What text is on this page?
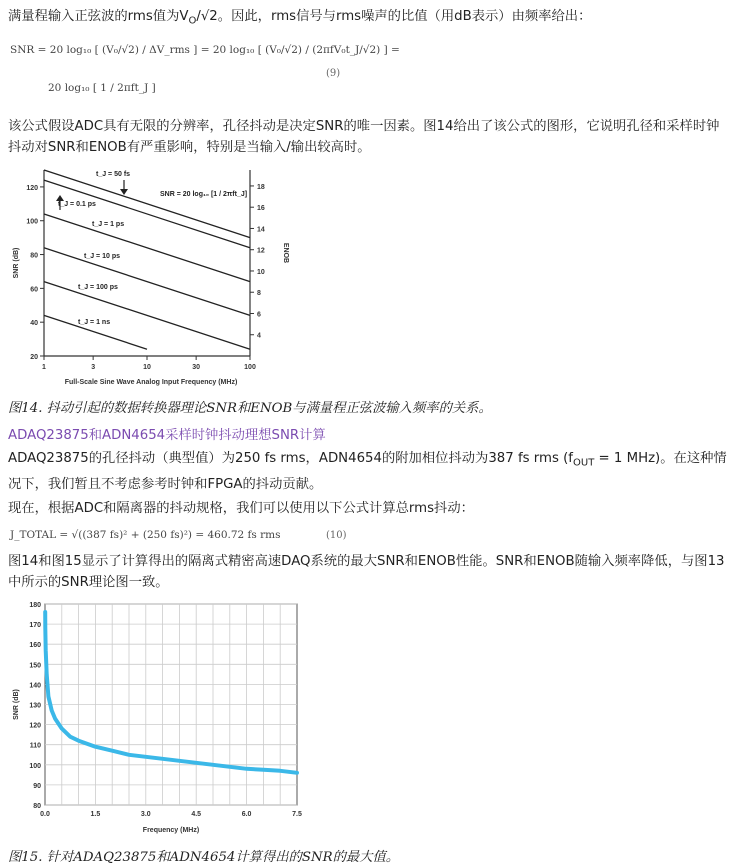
满量程输入正弦波的rms值为$V_O/√2$。因此，rms信号与rms噪声的比值（用dB表示）由频率给出：

SNR = 20 log₁₀ [ (V₀/√2) / ΔV_rms ] = 20 log₁₀ [ (V₀/√2) / (2πfV₀t_J/√2) ] =
20 log₁₀ [ 1 / 2πft_J ]
(9)

该公式假设ADC具有无限的分辨率，孔径抖动是决定SNR的唯一因素。图14给出了该公式的图形，它说明孔径和采样时钟抖动对SNR和ENOB有严重影响，特别是当输入/输出较高时。

20
40
60
80
100
120
4
6
8
10
12
14
16
18
1	3	10	30	100
Full-Scale Sine Wave Analog Input Frequency (MHz)
SNR (dB)	ENOB
t_J = 50 fs
t_J = 0.1 ps
t_J = 1 ps
t_J = 10 ps
t_J = 100 ps
t_J = 1 ns
SNR = 20 log₁₀ [1 / 2πft_J]
图14. 抖动引起的数据转换器理论SNR和ENOB与满量程正弦波输入频率的关系。
ADAQ23875和ADN4654采样时钟抖动理想SNR计算

ADAQ23875的孔径抖动（典型值）为250 fs rms，ADN4654的附加相位抖动为387 fs rms ($f_{OUT} = 1$ MHz)。在这种情况下，我们暂且不考虑参考时钟和FPGA的抖动贡献。

现在，根据ADC和隔离器的抖动规格，我们可以使用以下公式计算总rms抖动：

J_TOTAL = √((387 fs)² + (250 fs)²) = 460.72 fs rms	(10)

图14和图15显示了计算得出的隔离式精密高速DAQ系统的最大SNR和ENOB性能。SNR和ENOB随输入频率降低，与图13中所示的SNR理论图一致。

80
90
100
110
120
130
140
150
160
170
180
0.0	1.5	3.0	4.5	6.0	7.5
Frequency (MHz)
SNR (dB)
图15. 针对ADAQ23875和ADN4654计算得出的SNR的最大值。
